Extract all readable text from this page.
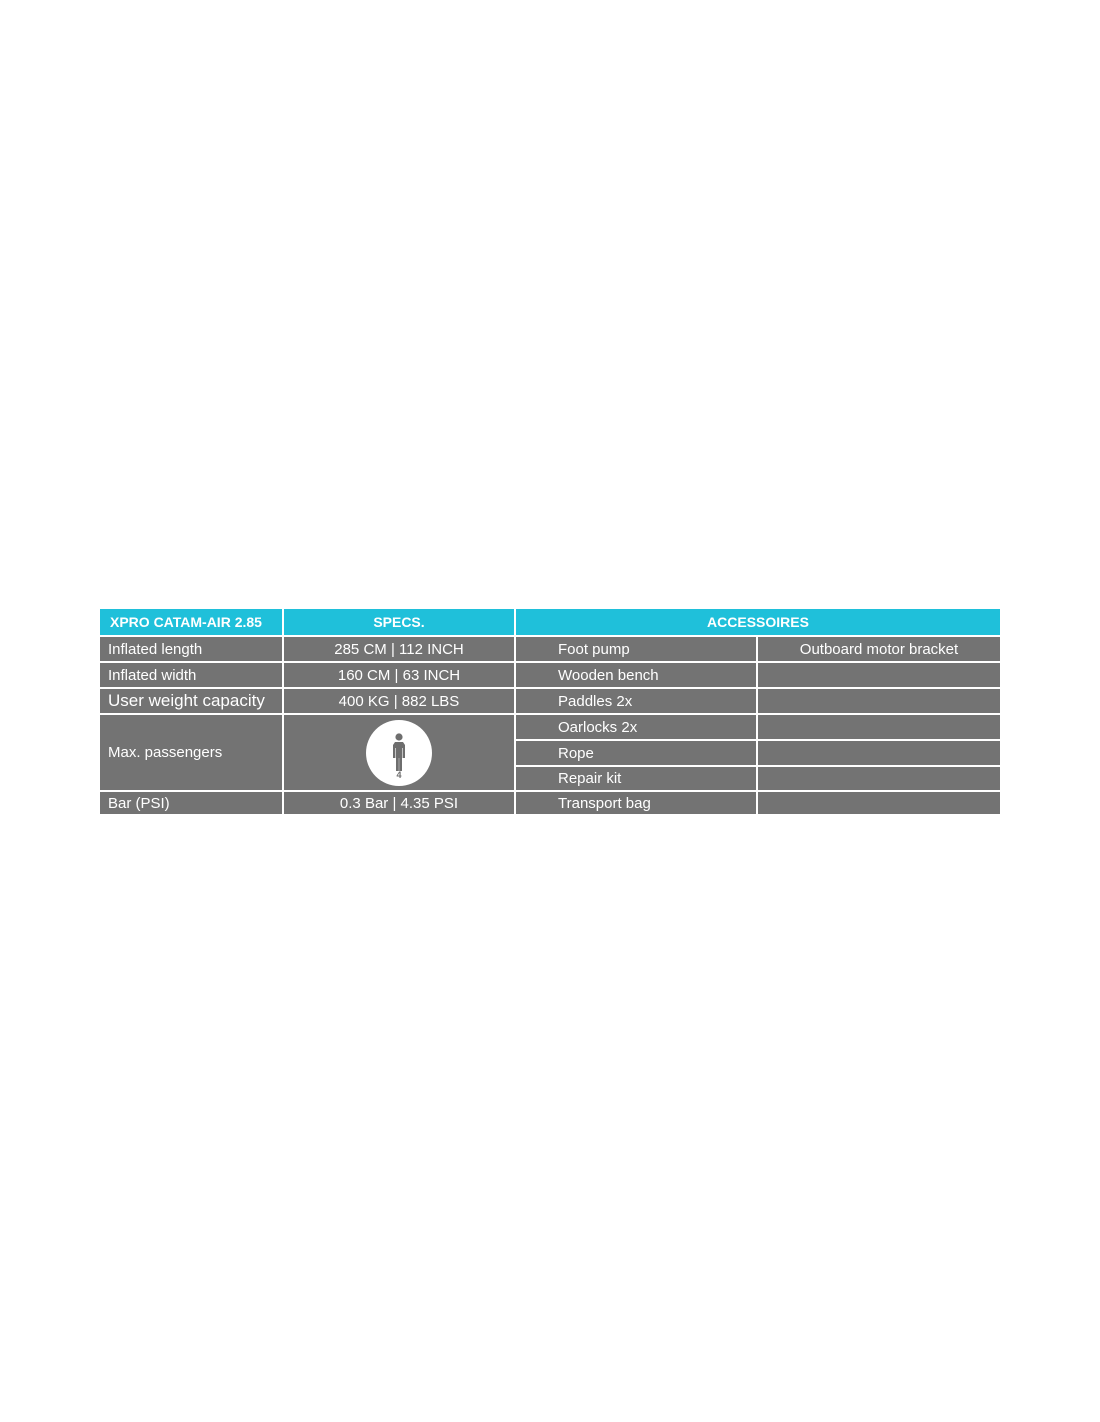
XPRO CATAM-AIR 2.85	SPECS.	ACCESSOIRES
Inflated length
Inflated width
User weight capacity
Max. passengers
Bar (PSI)
285 CM | 112 INCH
160 CM | 63 INCH
400 KG | 882 LBS
4
0.3 Bar | 4.35 PSI
Foot pump
Wooden bench
Paddles 2x
Oarlocks 2x
Rope
Repair kit
Transport bag
Outboard motor bracket
